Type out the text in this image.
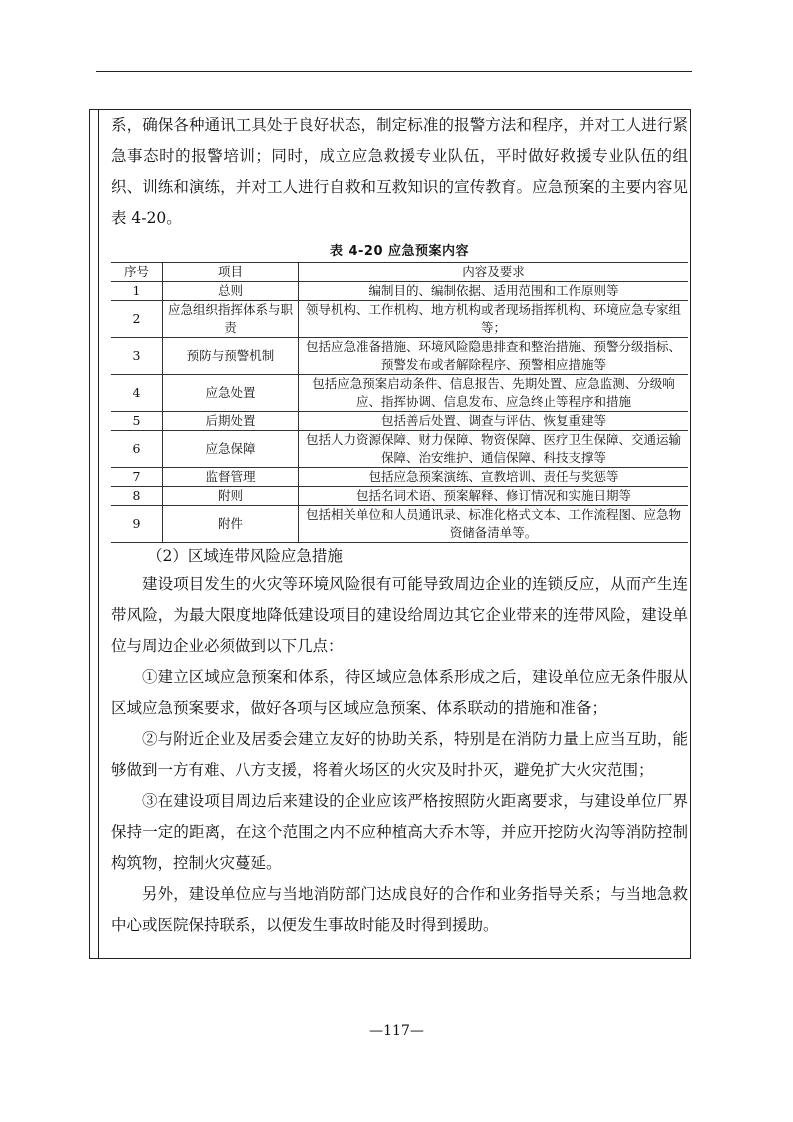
系，确保各种通讯工具处于良好状态，制定标准的报警方法和程序，并对工人进行紧急事态时的报警培训；同时，成立应急救援专业队伍，平时做好救援专业队伍的组织、训练和演练，并对工人进行自救和互救知识的宣传教育。应急预案的主要内容见表 4-20。

表 4-20 应急预案内容
序号	项目	内容及要求
1	总则	编制目的、编制依据、适用范围和工作原则等
2	应急组织指挥体系与职责	领导机构、工作机构、地方机构或者现场指挥机构、环境应急专家组等；
3	预防与预警机制	包括应急准备措施、环境风险隐患排查和整治措施、预警分级指标、预警发布或者解除程序、预警相应措施等
4	应急处置	包括应急预案启动条件、信息报告、先期处置、应急监测、分级响应、指挥协调、信息发布、应急终止等程序和措施
5	后期处置	包括善后处置、调查与评估、恢复重建等
6	应急保障	包括人力资源保障、财力保障、物资保障、医疗卫生保障、交通运输保障、治安维护、通信保障、科技支撑等
7	监督管理	包括应急预案演练、宣教培训、责任与奖惩等
8	附则	包括名词术语、预案解释、修订情况和实施日期等
9	附件	包括相关单位和人员通讯录、标准化格式文本、工作流程图、应急物资储备清单等。

（2）区域连带风险应急措施

建设项目发生的火灾等环境风险很有可能导致周边企业的连锁反应，从而产生连带风险，为最大限度地降低建设项目的建设给周边其它企业带来的连带风险，建设单位与周边企业必须做到以下几点：

①建立区域应急预案和体系，待区域应急体系形成之后，建设单位应无条件服从区域应急预案要求，做好各项与区域应急预案、体系联动的措施和准备；

②与附近企业及居委会建立友好的协助关系，特别是在消防力量上应当互助，能够做到一方有难、八方支援，将着火场区的火灾及时扑灭，避免扩大火灾范围；

③在建设项目周边后来建设的企业应该严格按照防火距离要求，与建设单位厂界保持一定的距离，在这个范围之内不应种植高大乔木等，并应开挖防火沟等消防控制构筑物，控制火灾蔓延。

另外，建设单位应与当地消防部门达成良好的合作和业务指导关系；与当地急救中心或医院保持联系，以便发生事故时能及时得到援助。

—117—
